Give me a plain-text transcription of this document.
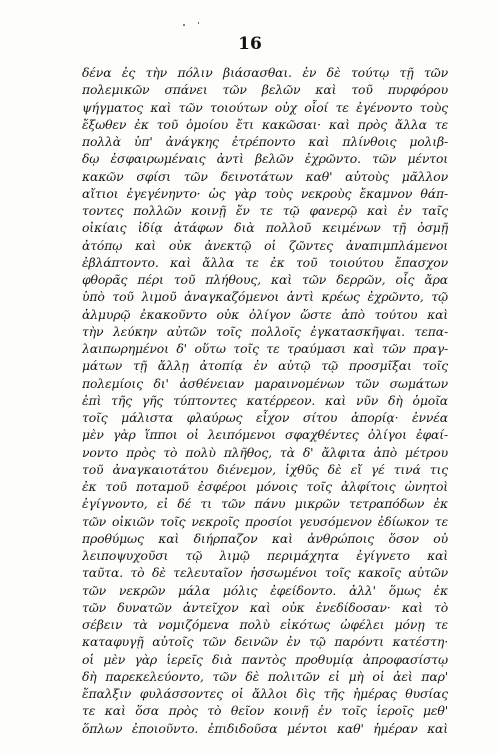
16
δένα ἐς τὴν πόλιν βιάσασθαι. ἐν δὲ τούτῳ τῇ τῶν
πολεμικῶν σπάνει τῶν βελῶν καὶ τοῦ πυρφόρου
ψήγματος καὶ τῶν τοιούτων οὐχ οἷοί τε ἐγένοντο τοὺς
ἔξωθεν ἐκ τοῦ ὁμοίου ἔτι κακῶσαι· καὶ πρὸς ἄλλα τε
πολλὰ ὑπ' ἀνάγκης ἐτρέποντο καὶ πλίνθοις μολιβ-
δῳ ἐσφαιρωμέναις ἀντὶ βελῶν ἐχρῶντο. τῶν μέντοι
κακῶν σφίσι τῶν δεινοτάτων καθ' αὑτοὺς μᾶλλον
αἴτιοι ἐγεγένηντο· ὡς γὰρ τοὺς νεκροὺς ἔκαμνον θάπ-
τοντες πολλῶν κοινῇ ἔν τε τῷ φανερῷ καὶ ἐν ταῖς
οἰκίαις ἰδίᾳ ἀτάφων διὰ πολλοῦ κειμένων τῇ ὀσμῇ
ἀτόπῳ καὶ οὐκ ἀνεκτῷ οἱ ζῶντες ἀναπιμπλάμενοι
ἐβλάπτοντο. καὶ ἄλλα τε ἐκ τοῦ τοιούτου ἔπασχον
φθορᾶς πέρι τοῦ πλήθους, καὶ τῶν δερρῶν, οἷς ἄρα
ὑπὸ τοῦ λιμοῦ ἀναγκαζόμενοι ἀντὶ κρέως ἐχρῶντο, τῷ
ἁλμυρῷ ἐκακοῦντο οὐκ ὀλίγον ὥστε ἀπὸ τούτου καὶ
τὴν λεύκην αὐτῶν τοῖς πολλοῖς ἐγκατασκῆψαι. τεπα-
λαιπωρημένοι δ' οὕτω τοῖς τε τραύμασι καὶ τῶν πραγ-
μάτων τῇ ἄλλῃ ἀτοπίᾳ ἐν αὐτῷ τῷ προσμῖξαι τοῖς
πολεμίοις δι' ἀσθένειαν μαραινομένων τῶν σωμάτων
ἐπὶ τῆς γῆς τύπτοντες κατέρρεον. καὶ νῦν δὴ ὁμοῖα
τοῖς μάλιστα φλαύρως εἶχον σίτου ἀπορίᾳ· ἐννέα
μὲν γὰρ ἵπποι οἱ λειπόμενοι σφαχθέντες ὀλίγοι ἐφαί-
νοντο πρὸς τὸ πολὺ πλῆθος, τὰ δ' ἄλφιτα ἀπὸ μέτρου
τοῦ ἀναγκαιοτάτου διένεμον, ἰχθῦς δὲ εἴ γέ τινά τις
ἐκ τοῦ ποταμοῦ ἐσφέροι μόνοις τοῖς ἀλφίτοις ὠνητοὶ
ἐγίγνοντο, εἰ δέ τι τῶν πάνυ μικρῶν τετραπόδων ἐκ
τῶν οἰκιῶν τοῖς νεκροῖς προσίοι γευσόμενον ἐδίωκον τε
προθύμως καὶ διήρπαζον καὶ ἀνθρώποις ὅσον οὐ
λειποψυχοῦσι τῷ λιμῷ περιμάχητα ἐγίγνετο καὶ
ταῦτα. τὸ δὲ τελευταῖον ἡσσωμένοι τοῖς κακοῖς αὐτῶν
τῶν νεκρῶν μάλα μόλις ἐφείδοντο. ἀλλ' ὅμως ἐκ
τῶν δυνατῶν ἀντεῖχον καὶ οὐκ ἐνεδίδοσαν· καὶ τὸ
σέβειν τὰ νομιζόμενα πολὺ εἰκότως ὠφέλει μόνῃ τε
καταφυγῇ αὐτοῖς τῶν δεινῶν ἐν τῷ παρόντι κατέστη·
οἱ μὲν γὰρ ἱερεῖς διὰ παντὸς προθυμίᾳ ἀπροφασίστῳ
δὴ παρεκελεύοντο, τῶν δὲ πολιτῶν εἰ μὴ οἱ ἀεὶ παρ'
ἔπαλξιν φυλάσσοντες οἱ ἄλλοι δὶς τῆς ἡμέρας θυσίας
τε καὶ ὅσα πρὸς τὸ θεῖον κοινῇ ἐν τοῖς ἱεροῖς μεθ'
ὅπλων ἐποιοῦντο. ἐπιδιδοῦσα μέντοι καθ' ἡμέραν καὶ
